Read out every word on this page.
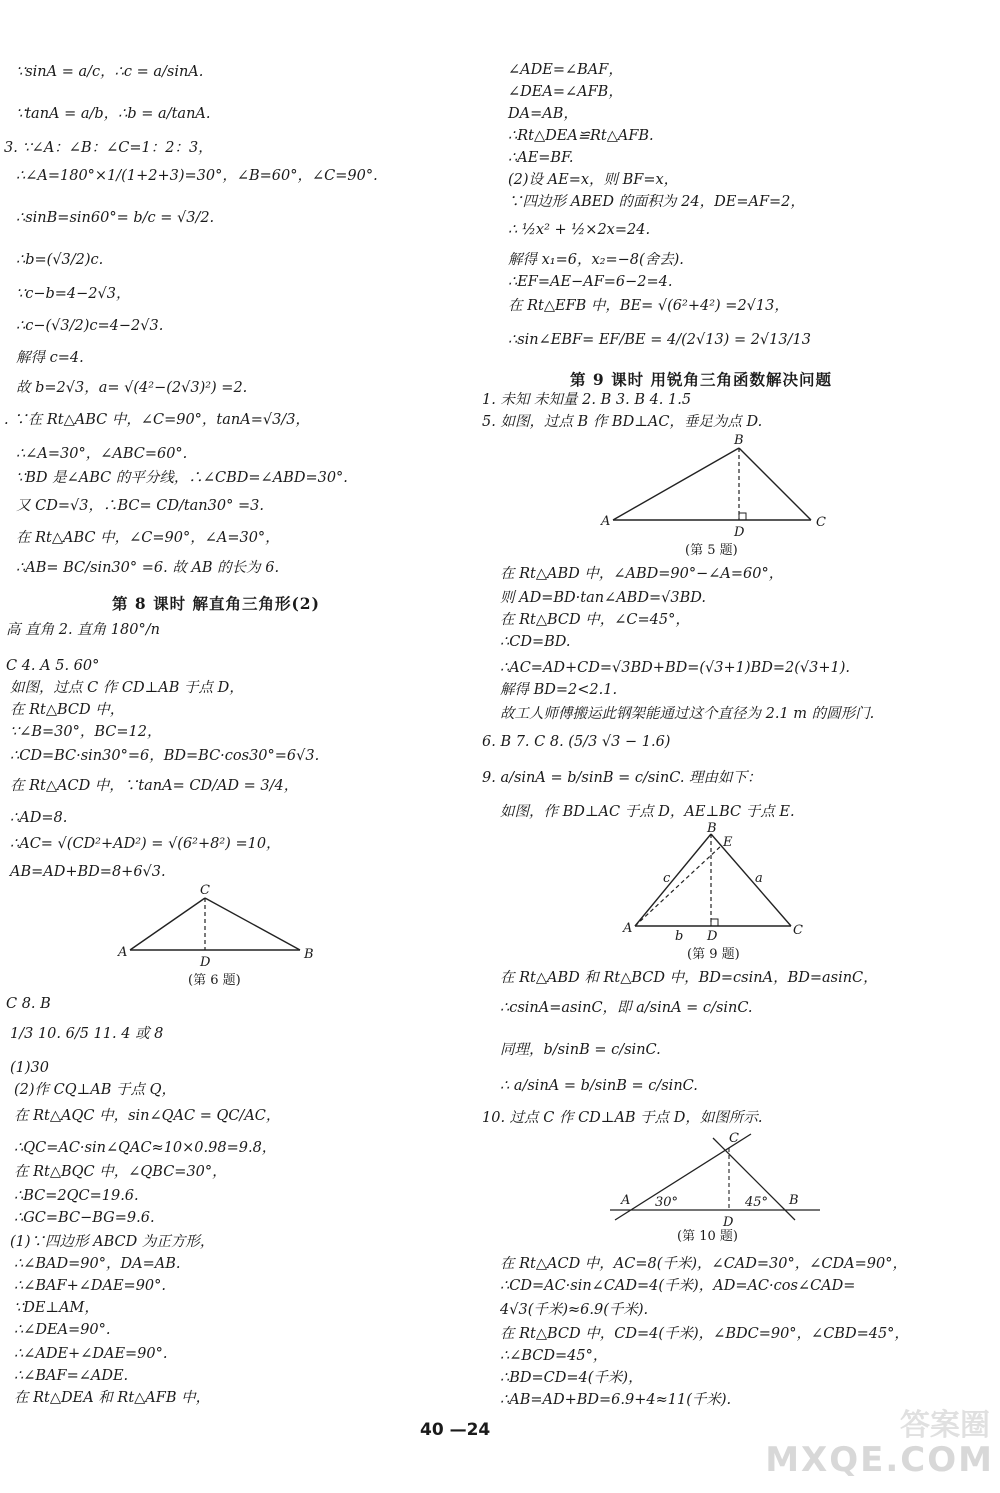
∵sinA = a/c，∴c = a/sinA.
∵tanA = a/b，∴b = a/tanA.
3. ∵∠A：∠B：∠C=1：2：3，
∴∠A=180°×1/(1+2+3)=30°，∠B=60°，∠C=90°.
∴sinB=sin60°= b/c = √3/2.
∴b=(√3/2)c.
∵c−b=4−2√3，
∴c−(√3/2)c=4−2√3.
解得 c=4.
故 b=2√3，a= √(4²−(2√3)²) =2.
. ∵在 Rt△ABC 中，∠C=90°，tanA=√3/3，
∴∠A=30°，∠ABC=60°.
∵BD 是∠ABC 的平分线，∴∠CBD=∠ABD=30°.
又 CD=√3，∴BC= CD/tan30° =3.
在 Rt△ABC 中，∠C=90°，∠A=30°，
∴AB= BC/sin30° =6. 故 AB 的长为 6.
高 直角 2. 直角 180°/n
C 4. A 5. 60°
如图，过点 C 作 CD⊥AB 于点 D，
在 Rt△BCD 中，
∵∠B=30°，BC=12，
∴CD=BC·sin30°=6，BD=BC·cos30°=6√3.
在 Rt△ACD 中，∵tanA= CD/AD = 3/4，
∴AD=8.
∴AC= √(CD²+AD²) = √(6²+8²) =10，
AB=AD+BD=8+6√3.
C 8. B
1/3 10. 6/5 11. 4 或 8
(1)30
(2)作 CQ⊥AB 于点 Q，
在 Rt△AQC 中，sin∠QAC = QC/AC，
∴QC=AC·sin∠QAC≈10×0.98=9.8，
在 Rt△BQC 中，∠QBC=30°，
∴BC=2QC=19.6.
∴GC=BC−BG=9.6.
(1)∵四边形 ABCD 为正方形，
∴∠BAD=90°，DA=AB.
∴∠BAF+∠DAE=90°.
∵DE⊥AM，
∴∠DEA=90°.
∴∠ADE+∠DAE=90°.
∴∠BAF=∠ADE.
在 Rt△DEA 和 Rt△AFB 中，
∠ADE=∠BAF，
∠DEA=∠AFB，
DA=AB，
∴Rt△DEA≌Rt△AFB.
∴AE=BF.
(2)设 AE=x，则 BF=x，
∵四边形 ABED 的面积为 24，DE=AF=2，
∴ ½x² + ½×2x=24.
解得 x₁=6，x₂=−8(舍去).
∴EF=AE−AF=6−2=4.
在 Rt△EFB 中，BE= √(6²+4²) =2√13，
∴sin∠EBF= EF/BE = 4/(2√13) = 2√13/13
1. 未知 未知量 2. B 3. B 4. 1.5
5. 如图，过点 B 作 BD⊥AC，垂足为点 D.
在 Rt△ABD 中，∠ABD=90°−∠A=60°，
则 AD=BD·tan∠ABD=√3BD.
在 Rt△BCD 中，∠C=45°，
∴CD=BD.
∴AC=AD+CD=√3BD+BD=(√3+1)BD=2(√3+1).
解得 BD=2<2.1.
故工人师傅搬运此钢架能通过这个直径为 2.1 m 的圆形门.
6. B 7. C 8. (5/3 √3 − 1.6)
9. a/sinA = b/sinB = c/sinC. 理由如下：
如图，作 BD⊥AC 于点 D，AE⊥BC 于点 E.
在 Rt△ABD 和 Rt△BCD 中，BD=csinA，BD=asinC，
∴csinA=asinC，即 a/sinA = c/sinC.
同理，b/sinB = c/sinC.
∴ a/sinA = b/sinB = c/sinC.
10. 过点 C 作 CD⊥AB 于点 D，如图所示.
在 Rt△ACD 中，AC=8(千米)，∠CAD=30°，∠CDA=90°，
∴CD=AC·sin∠CAD=4(千米)，AD=AC·cos∠CAD=
4√3(千米)≈6.9(千米).
在 Rt△BCD 中，CD=4(千米)，∠BDC=90°，∠CBD=45°，
∴∠BCD=45°，
∴BD=CD=4(千米)，
∴AB=AD+BD=6.9+4≈11(千米).
第 8 课时 解直角三角形(2)
第 9 课时 用锐角三角函数解决问题
A	B
C
D
(第 6 题)
A
B
C
D
(第 5 题)
A
B
C
D
E
a
b
c
(第 9 题)
A	B
C
D
30°	45°
(第 10 题)
40 —24	答案圈
MXQE.COM
